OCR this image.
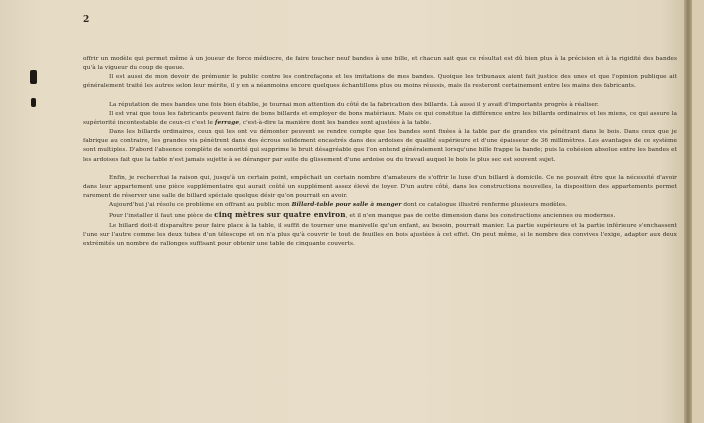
2

offrir un modèle qui permet même à un joueur de force médiocre, de faire toucher neuf bandes à une bille, et chacun sait que ce résultat est dû bien plus à la précision et à la rigidité des bandes qu'à la vigueur du coup de queue.

Il est aussi de mon devoir de prémunir le public contre les contrefaçons et les imitations de mes bandes. Quoique les tribunaux aient fait justice des unes et que l'opinion publique ait généralement traité les autres selon leur mérite, il y en a néanmoins encore quelques échantillons plus ou moins réussis, mais ils resteront certainement entre les mains des fabricants.

La réputation de mes bandes une fois bien établie, je tournai mon attention du côté de la fabrication des billards. Là aussi il y avait d'importants progrès à réaliser.

Il est vrai que tous les fabricants peuvent faire de bons billards et employer de bons matériaux. Mais ce qui constitue la différence entre les billards ordinaires et les miens, ce qui assure la supériorité incontestable de ceux-ci c'est le ferrage, c'est-à-dire la manière dont les bandes sont ajustées à la table.

Dans les billards ordinaires, ceux qui les ont vu démonter peuvent se rendre compte que les bandes sont fixées à la table par de grandes vis pénétrant dans le bois. Dans ceux que je fabrique au contraire, les grandes vis pénètrent dans des écrous solidement encastrés dans des ardoises de qualité supérieure et d'une épaisseur de 36 millimètres. Les avantages de ce système sont multiples. D'abord l'absence complète de sonorité qui supprime le bruit désagréable que l'on entend généralement lorsqu'une bille frappe la bande; puis la cohésion absolue entre les bandes et les ardoises fait que la table n'est jamais sujette à se déranger par suite du glissement d'une ardoise ou du travail auquel le bois le plus sec est souvent sujet.

Enfin, je recherchai la raison qui, jusqu'à un certain point, empêchait un certain nombre d'amateurs de s'offrir le luxe d'un billard à domicile. Ce ne pouvait être que la nécessité d'avoir dans leur appartement une pièce supplémentaire qui aurait coûté un supplément assez élevé de loyer. D'un autre côté, dans les constructions nouvelles, la disposition des appartements permet rarement de réserver une salle de billard spéciale quelque désir qu'on pourrait en avoir.

Aujourd'hui j'ai résolu ce problème en offrant au public mon Billard-table pour salle à manger dont ce catalogue illustré renferme plusieurs modèles.

Pour l'installer il faut une pièce de cinq mètres sur quatre environ, et il n'en manque pas de cette dimension dans les constructions anciennes ou modernes.

Le billard doit-il disparaître pour faire place à la table, il suffit de tourner une manivelle qu'un enfant, au besoin, pourrait manier. La partie supérieure et la partie inférieure s'enchassent l'une sur l'autre comme les deux tubes d'un télescope et on n'a plus qu'à couvrir le tout de feuilles en bois ajustées à cet effet. On peut même, si le nombre des convives l'exige, adapter aux deux extrémités un nombre de rallonges suffisant pour obtenir une table de cinquante couverts.
